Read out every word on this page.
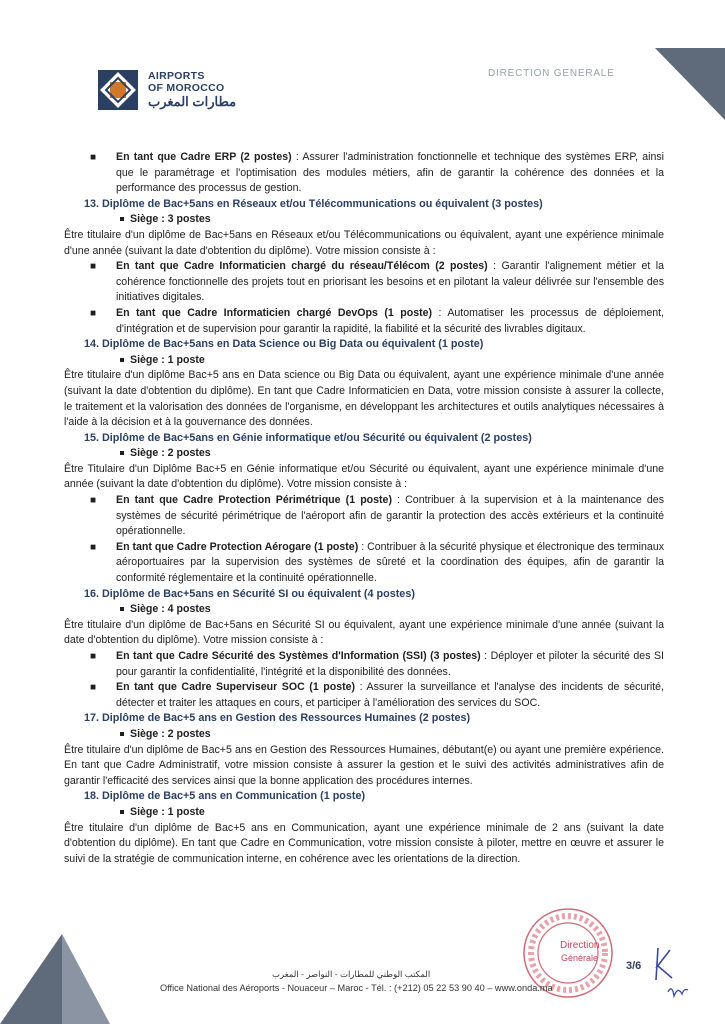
AIRPORTS
OF MOROCCO
مطارات المغرب
DIRECTION GENERALE

■ En tant que Cadre ERP (2 postes) : Assurer l'administration fonctionnelle et technique des systèmes ERP, ainsi que le paramétrage et l'optimisation des modules métiers, afin de garantir la cohérence des données et la performance des processus de gestion.

13. Diplôme de Bac+5ans en Réseaux et/ou Télécommunications ou équivalent (3 postes)

Siège : 3 postes

Être titulaire d'un diplôme de Bac+5ans en Réseaux et/ou Télécommunications ou équivalent, ayant une expérience minimale d'une année (suivant la date d'obtention du diplôme). Votre mission consiste à :

■ En tant que Cadre Informaticien chargé du réseau/Télécom (2 postes) : Garantir l'alignement métier et la cohérence fonctionnelle des projets tout en priorisant les besoins et en pilotant la valeur délivrée sur l'ensemble des initiatives digitales.

■ En tant que Cadre Informaticien chargé DevOps (1 poste) : Automatiser les processus de déploiement, d'intégration et de supervision pour garantir la rapidité, la fiabilité et la sécurité des livrables digitaux.

14. Diplôme de Bac+5ans en Data Science ou Big Data ou équivalent (1 poste)

Siège : 1 poste

Être titulaire d'un diplôme Bac+5 ans en Data science ou Big Data ou équivalent, ayant une expérience minimale d'une année (suivant la date d'obtention du diplôme). En tant que Cadre Informaticien en Data, votre mission consiste à assurer la collecte, le traitement et la valorisation des données de l'organisme, en développant les architectures et outils analytiques nécessaires à l'aide à la décision et à la gouvernance des données.

15. Diplôme de Bac+5ans en Génie informatique et/ou Sécurité ou équivalent (2 postes)

Siège : 2 postes

Être Titulaire d'un Diplôme Bac+5 en Génie informatique et/ou Sécurité ou équivalent, ayant une expérience minimale d'une année (suivant la date d'obtention du diplôme). Votre mission consiste à :

■ En tant que Cadre Protection Périmétrique (1 poste) : Contribuer à la supervision et à la maintenance des systèmes de sécurité périmétrique de l'aéroport afin de garantir la protection des accès extérieurs et la continuité opérationnelle.

■ En tant que Cadre Protection Aérogare (1 poste) : Contribuer à la sécurité physique et électronique des terminaux aéroportuaires par la supervision des systèmes de sûreté et la coordination des équipes, afin de garantir la conformité réglementaire et la continuité opérationnelle.

16. Diplôme de Bac+5ans en Sécurité SI ou équivalent (4 postes)

Siège : 4 postes

Être titulaire d'un diplôme de Bac+5ans en Sécurité SI ou équivalent, ayant une expérience minimale d'une année (suivant la date d'obtention du diplôme). Votre mission consiste à :

■ En tant que Cadre Sécurité des Systèmes d'Information (SSI) (3 postes) : Déployer et piloter la sécurité des SI pour garantir la confidentialité, l'intégrité et la disponibilité des données.

■ En tant que Cadre Superviseur SOC (1 poste) : Assurer la surveillance et l'analyse des incidents de sécurité, détecter et traiter les attaques en cours, et participer à l'amélioration des services du SOC.

17. Diplôme de Bac+5 ans en Gestion des Ressources Humaines (2 postes)

Siège : 2 postes

Être titulaire d'un diplôme de Bac+5 ans en Gestion des Ressources Humaines, débutant(e) ou ayant une première expérience. En tant que Cadre Administratif, votre mission consiste à assurer la gestion et le suivi des activités administratives afin de garantir l'efficacité des services ainsi que la bonne application des procédures internes.

18. Diplôme de Bac+5 ans en Communication (1 poste)

Siège : 1 poste

Être titulaire d'un diplôme de Bac+5 ans en Communication, ayant une expérience minimale de 2 ans (suivant la date d'obtention du diplôme). En tant que Cadre en Communication, votre mission consiste à piloter, mettre en œuvre et assurer le suivi de la stratégie de communication interne, en cohérence avec les orientations de la direction.

Direction
Générale
3/6
المكتب الوطني للمطارات - النواصر - المغرب
Office National des Aéroports - Nouaceur – Maroc - Tél. : (+212) 05 22 53 90 40 – www.onda.ma
